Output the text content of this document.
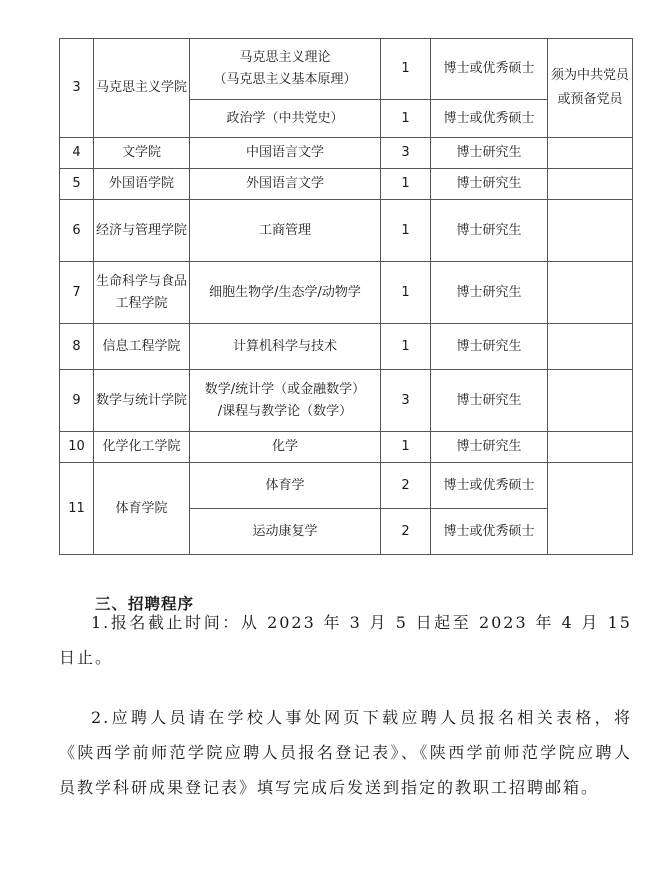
3	马克思主义学院	马克思主义理论
（马克思主义基本原理）	1	博士或优秀硕士	须为中共党员或预备党员
		政治学（中共党史）	1	博士或优秀硕士	
4	文学院	中国语言文学	3	博士研究生	
5	外国语学院	外国语言文学	1	博士研究生	
6	经济与管理学院	工商管理	1	博士研究生	
7	生命科学与食品工程学院	细胞生物学/生态学/动物学	1	博士研究生	
8	信息工程学院	计算机科学与技术	1	博士研究生	
9	数学与统计学院	数学/统计学（或金融数学）
/课程与教学论（数学）	3	博士研究生	
10	化学化工学院	化学	1	博士研究生	
11	体育学院	体育学	2	博士或优秀硕士	
		运动康复学	2	博士或优秀硕士	
三、招聘程序

1.报名截止时间：从 2023 年 3 月 5 日起至 2023 年 4 月 15 日止。

2.应聘人员请在学校人事处网页下载应聘人员报名相关表格，将《陕西学前师范学院应聘人员报名登记表》、《陕西学前师范学院应聘人员教学科研成果登记表》填写完成后发送到指定的教职工招聘邮箱。
